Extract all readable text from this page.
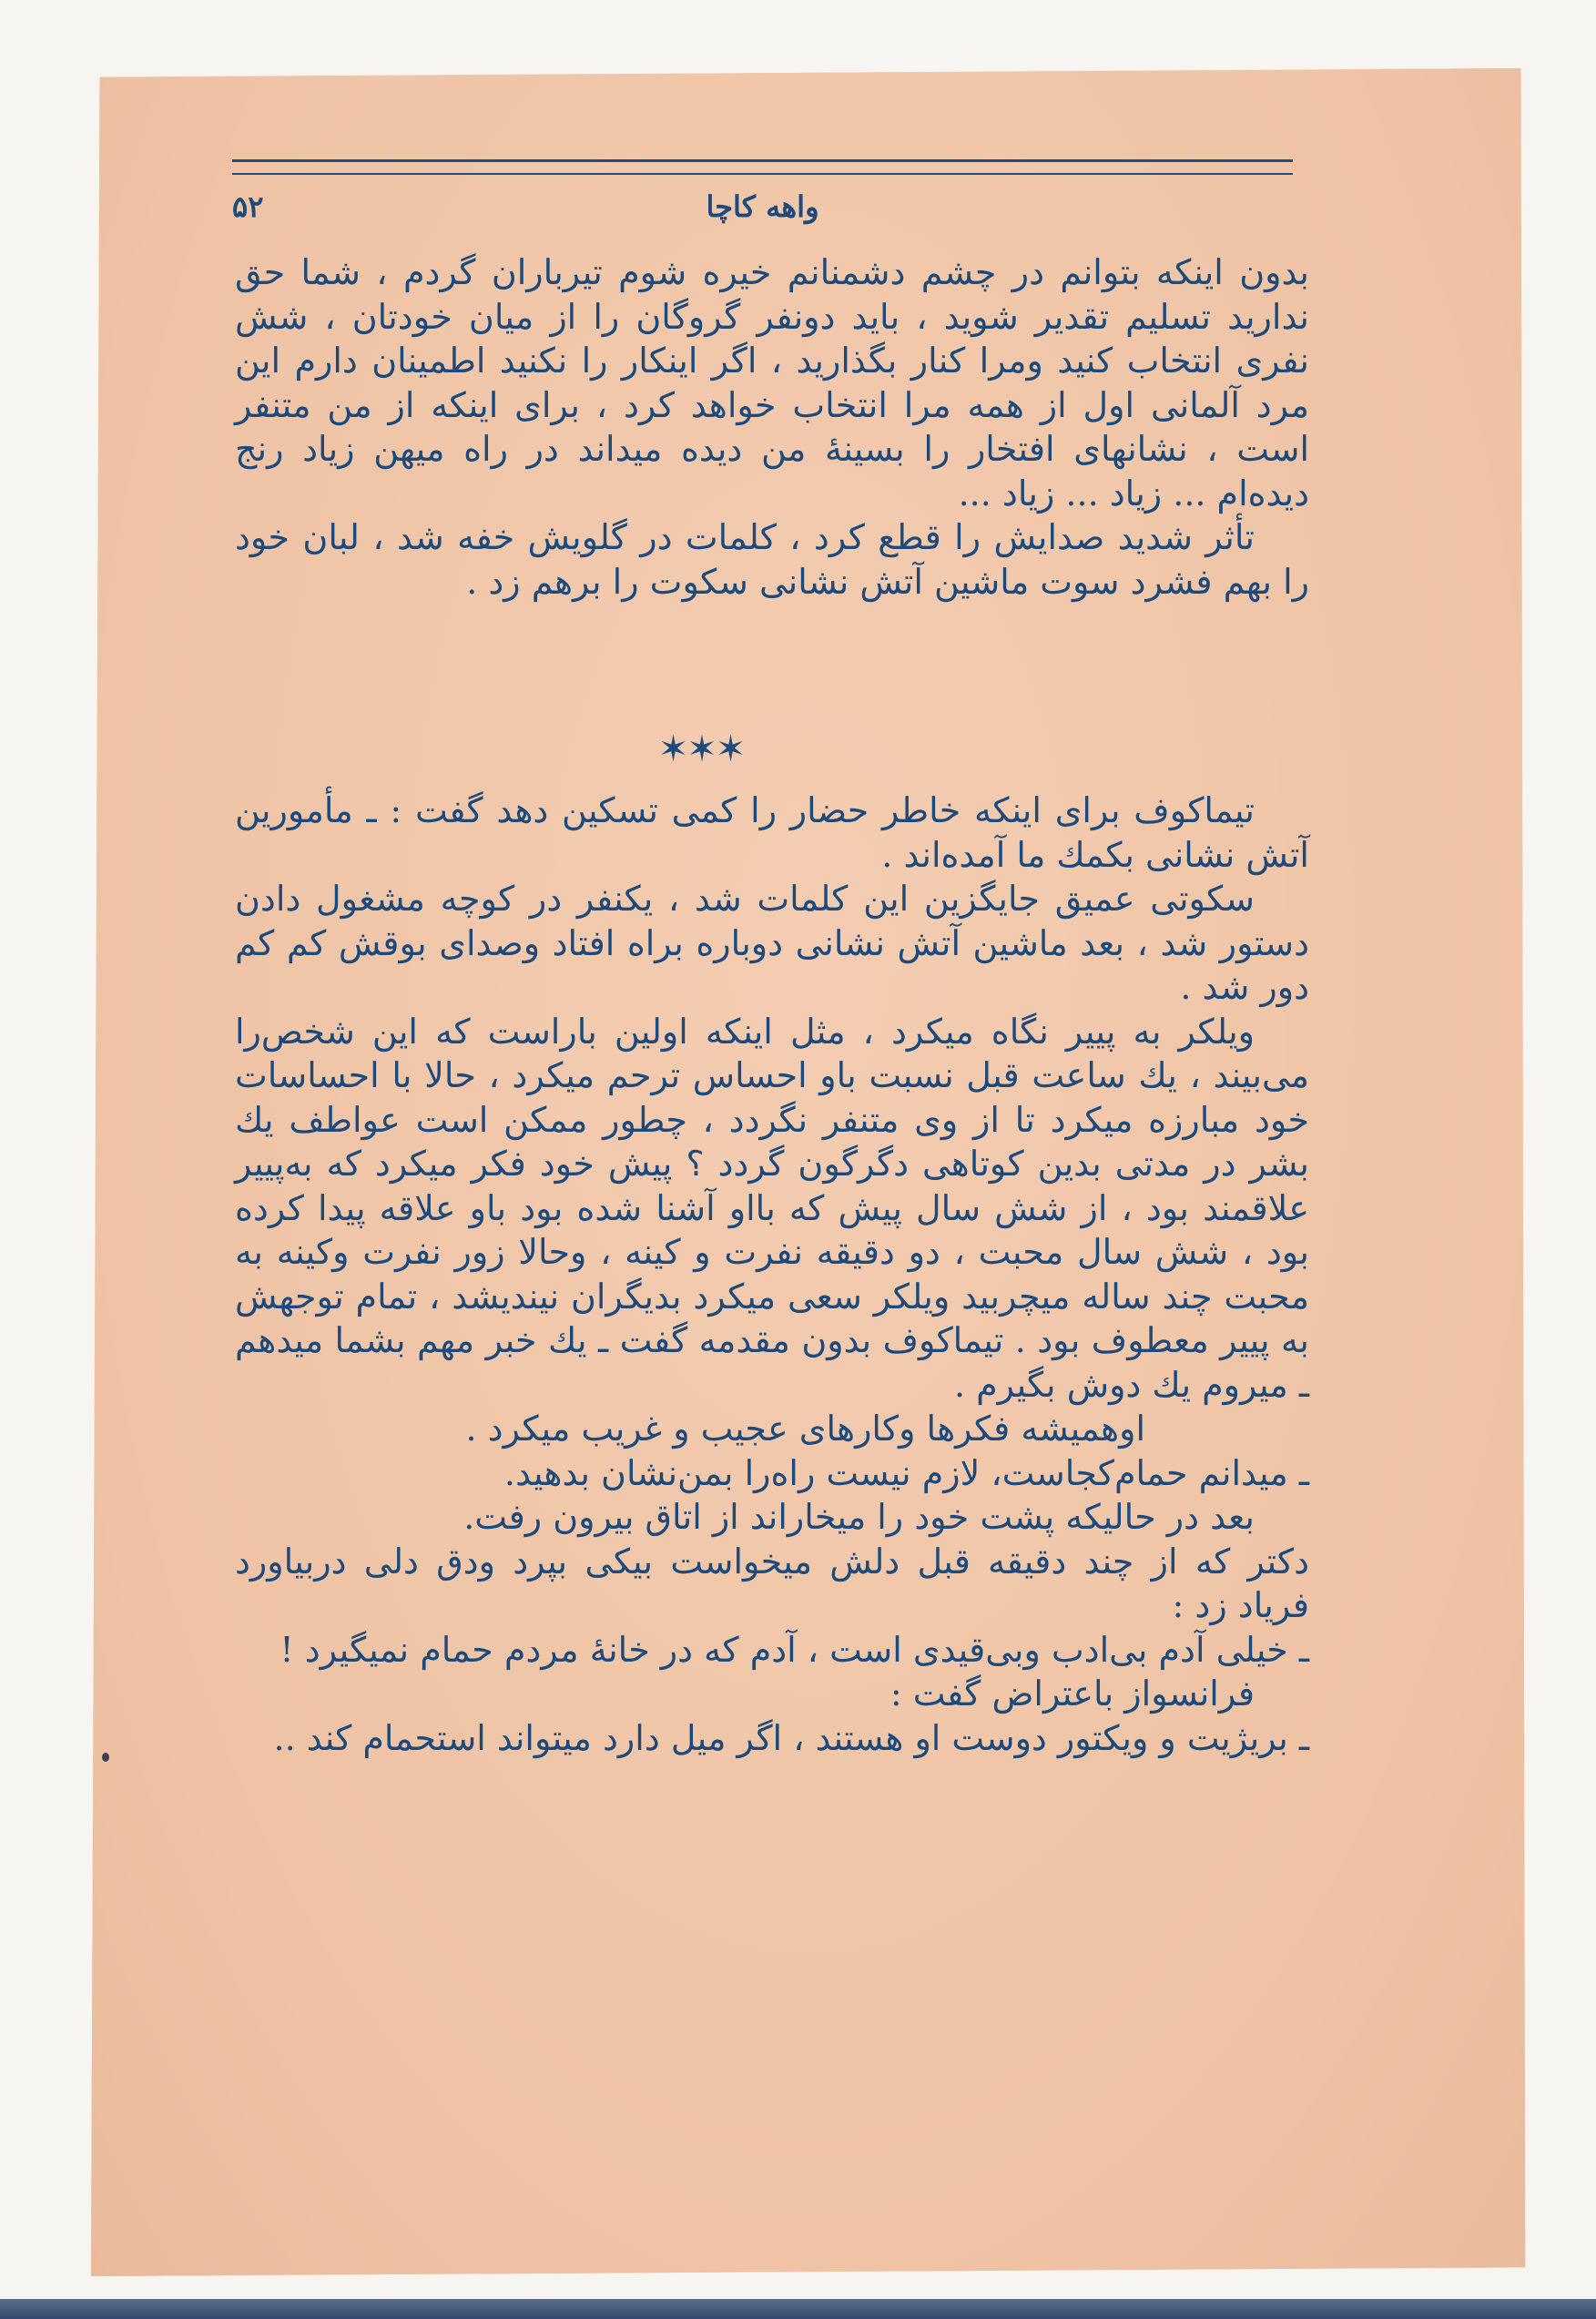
۵۲	واهه کاچا

بدون اینکه بتوانم در چشم دشمنانم خیره شوم تیرباران گردم ، شما حق ندارید تسلیم تقدیر شوید ، باید دونفر گروگان را از میان خودتان ، شش نفری انتخاب کنید ومرا کنار بگذارید ، اگر اینکار را نکنید اطمینان دارم این مرد آلمانی اول از همه مرا انتخاب خواهد کرد ، برای اینکه از من متنفر است ، نشانهای افتخار را بسینهٔ من دیده میداند در راه میهن زیاد رنج دیده‌ام ... زیاد ... زیاد ...

تأثر شدید صدایش را قطع کرد ، کلمات در گلویش خفه شد ، لبان خود را بهم فشرد سوت ماشین آتش نشانی سکوت را برهم زد .

✶✶✶

تیماکوف برای اینکه خاطر حضار را کمی تسکین دهد گفت : ـ مأمورین آتش نشانی بکمك ما آمده‌اند .

سکوتی عمیق جایگزین این کلمات شد ، یکنفر در کوچه مشغول دادن دستور شد ، بعد ماشین آتش نشانی دوباره براه افتاد وصدای بوقش کم کم دور شد .

ویلکر به پییر نگاه میکرد ، مثل اینکه اولین باراست که این شخص‌را می‌بیند ، یك ساعت قبل نسبت باو احساس ترحم میکرد ، حالا با احساسات خود مبارزه میکرد تا از وی متنفر نگردد ، چطور ممکن است عواطف یك بشر در مدتی بدین کوتاهی دگرگون گردد ؟ پیش خود فکر میکرد که به‌پییر علاقمند بود ، از شش سال پیش که بااو آشنا شده بود باو علاقه پیدا کرده بود ، شش سال محبت ، دو دقیقه نفرت و کینه ، وحالا زور نفرت وکینه به محبت چند ساله میچربید ویلکر سعی میکرد بدیگران نینديشد ، تمام توجهش به پییر معطوف بود . تیماکوف بدون مقدمه گفت ـ یك خبر مهم بشما میدهم ـ میروم یك دوش بگیرم .

اوهمیشه فکرها وکارهای عجیب و غریب میکرد .

ـ میدانم حمام‌کجاست، لازم نیست راه‌را بمن‌نشان بدهید.

بعد در حالیکه پشت خود را میخاراند از اتاق بیرون رفت.

دکتر که از چند دقیقه قبل دلش میخواست بیکی بپرد ودق دلی دربیاورد فریاد زد :

ـ خیلی آدم بی‌ادب وبی‌قیدی است ، آدم که در خانهٔ مردم حمام نمیگیرد !

فرانسواز باعتراض گفت :

ـ بریژیت و ویکتور دوست او هستند ، اگر میل دارد میتواند استحمام کند ..
